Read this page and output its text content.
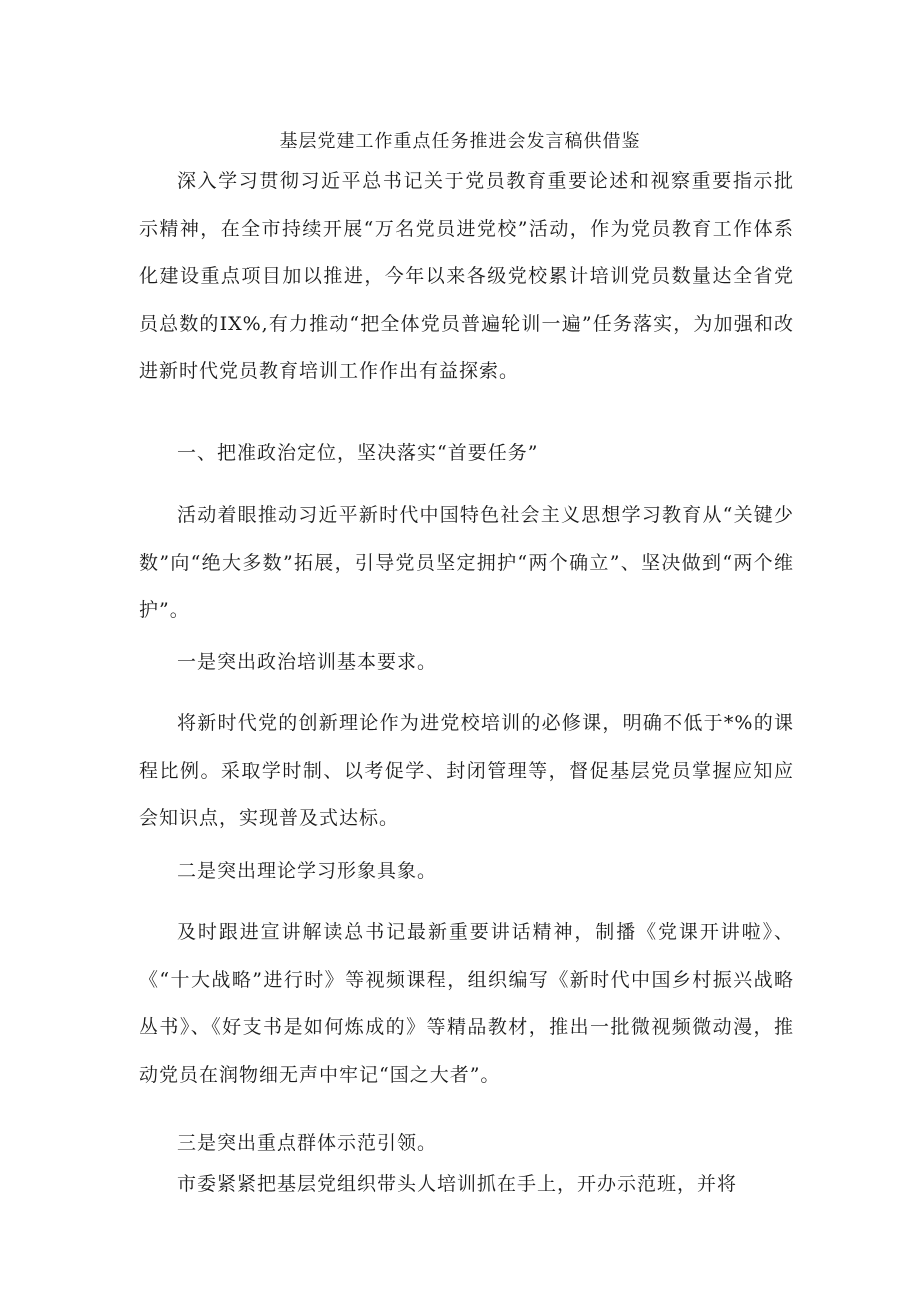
基层党建工作重点任务推进会发言稿供借鉴

深入学习贯彻习近平总书记关于党员教育重要论述和视察重要指示批示精神，在全市持续开展“万名党员进党校”活动，作为党员教育工作体系化建设重点项目加以推进，今年以来各级党校累计培训党员数量达全省党员总数的IX%,有力推动“把全体党员普遍轮训一遍”任务落实，为加强和改进新时代党员教育培训工作作出有益探索。

一、把准政治定位，坚决落实“首要任务”

活动着眼推动习近平新时代中国特色社会主义思想学习教育从“关键少数”向“绝大多数”拓展，引导党员坚定拥护“两个确立”、坚决做到“两个维护”。

一是突出政治培训基本要求。

将新时代党的创新理论作为进党校培训的必修课，明确不低于*%的课程比例。采取学时制、以考促学、封闭管理等，督促基层党员掌握应知应会知识点，实现普及式达标。

二是突出理论学习形象具象。

及时跟进宣讲解读总书记最新重要讲话精神，制播《党课开讲啦》、《“十大战略”进行时》等视频课程，组织编写《新时代中国乡村振兴战略丛书》、《好支书是如何炼成的》等精品教材，推出一批微视频微动漫，推动党员在润物细无声中牢记“国之大者”。

三是突出重点群体示范引领。

市委紧紧把基层党组织带头人培训抓在手上，开办示范班，并将
